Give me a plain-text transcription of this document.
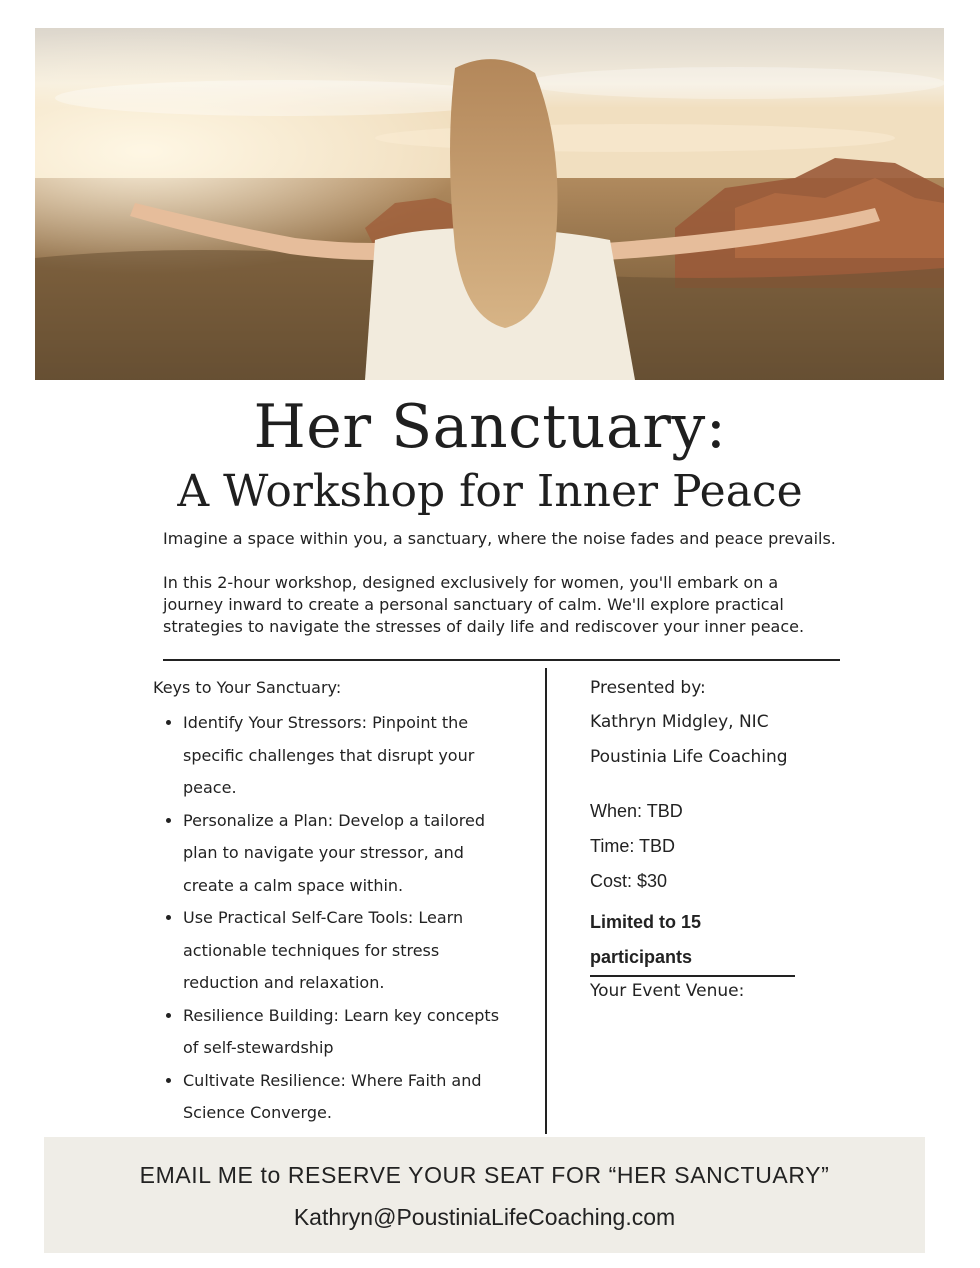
Her Sanctuary:
A Workshop for Inner Peace

Imagine a space within you, a sanctuary, where the noise fades and peace prevails.

In this 2-hour workshop, designed exclusively for women, you'll embark on a journey inward to create a personal sanctuary of calm. We'll explore practical strategies to navigate the stresses of daily life and rediscover your inner peace.

Keys to Your Sanctuary:

• Identify Your Stressors: Pinpoint the specific challenges that disrupt your peace.
• Personalize a Plan: Develop a tailored plan to navigate your stressor, and create a calm space within.
• Use Practical Self-Care Tools: Learn actionable techniques for stress reduction and relaxation.
• Resilience Building: Learn key concepts of self-stewardship
• Cultivate Resilience: Where Faith and Science Converge.

Presented by:

Kathryn Midgley, NIC

Poustinia Life Coaching

When: TBD

Time: TBD

Cost: $30

Limited to 15 participants

Your Event Venue:

EMAIL ME to RESERVE YOUR SEAT FOR “HER SANCTUARY”

Kathryn@PoustiniaLifeCoaching.com
